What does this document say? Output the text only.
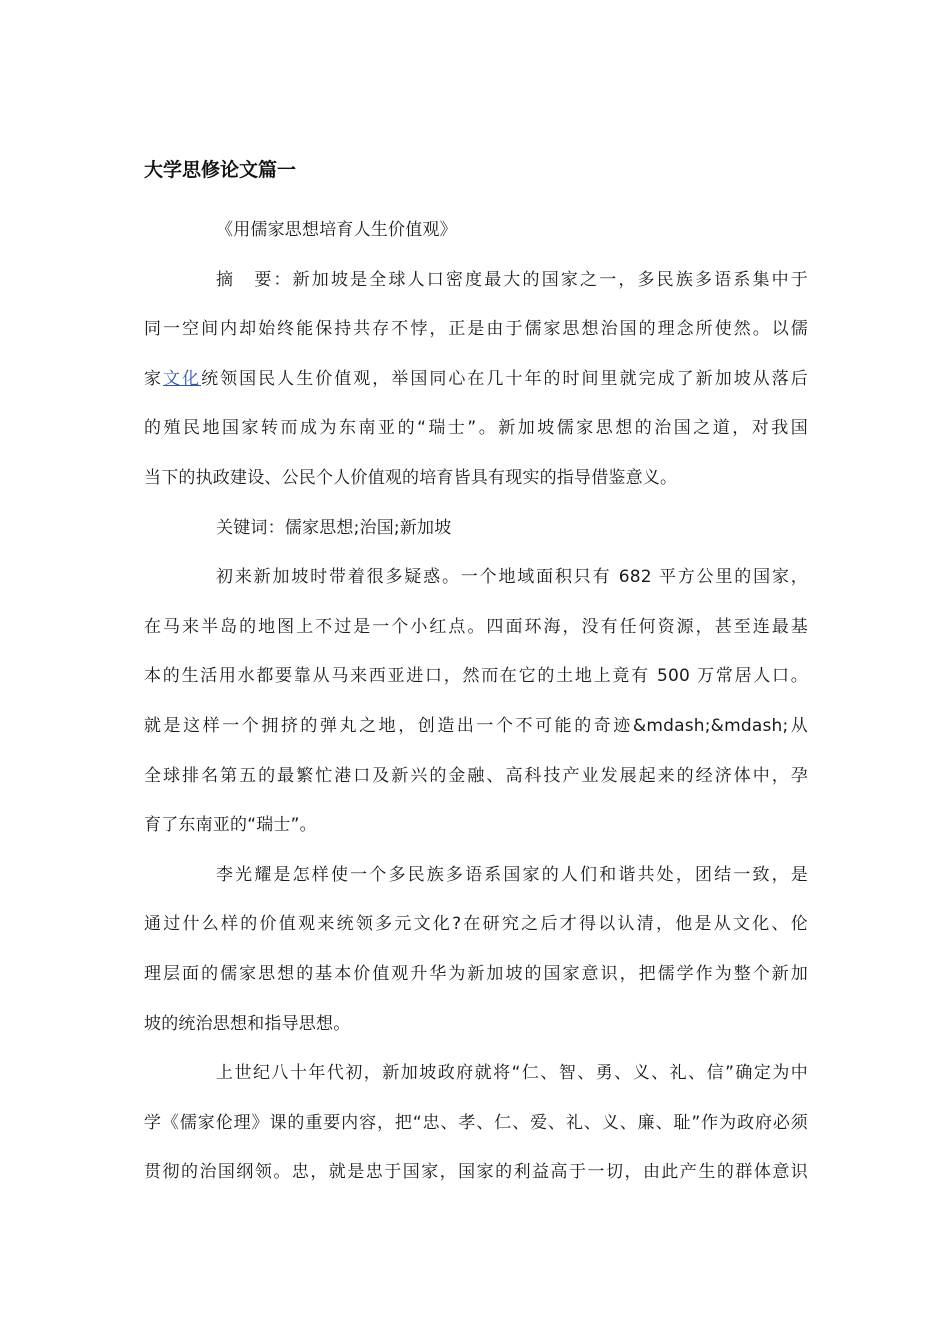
大学思修论文篇一
《用儒家思想培育人生价值观》
摘　要：新加坡是全球人口密度最大的国家之一，多民族多语系集中于
同一空间内却始终能保持共存不悖，正是由于儒家思想治国的理念所使然。以儒
家文化统领国民人生价值观，举国同心在几十年的时间里就完成了新加坡从落后
的殖民地国家转而成为东南亚的“瑞士”。新加坡儒家思想的治国之道，对我国
当下的执政建设、公民个人价值观的培育皆具有现实的指导借鉴意义。
关键词：儒家思想;治国;新加坡
初来新加坡时带着很多疑惑。一个地域面积只有 682 平方公里的国家，
在马来半岛的地图上不过是一个小红点。四面环海，没有任何资源，甚至连最基
本的生活用水都要靠从马来西亚进口，然而在它的土地上竟有 500 万常居人口。
就是这样一个拥挤的弹丸之地，创造出一个不可能的奇迹&mdash;&mdash;从
全球排名第五的最繁忙港口及新兴的金融、高科技产业发展起来的经济体中，孕
育了东南亚的“瑞士”。
李光耀是怎样使一个多民族多语系国家的人们和谐共处，团结一致，是
通过什么样的价值观来统领多元文化?在研究之后才得以认清，他是从文化、伦
理层面的儒家思想的基本价值观升华为新加坡的国家意识，把儒学作为整个新加
坡的统治思想和指导思想。
上世纪八十年代初，新加坡政府就将“仁、智、勇、义、礼、信”确定为中
学《儒家伦理》课的重要内容，把“忠、孝、仁、爱、礼、义、廉、耻”作为政府必须
贯彻的治国纲领。忠，就是忠于国家，国家的利益高于一切，由此产生的群体意识
